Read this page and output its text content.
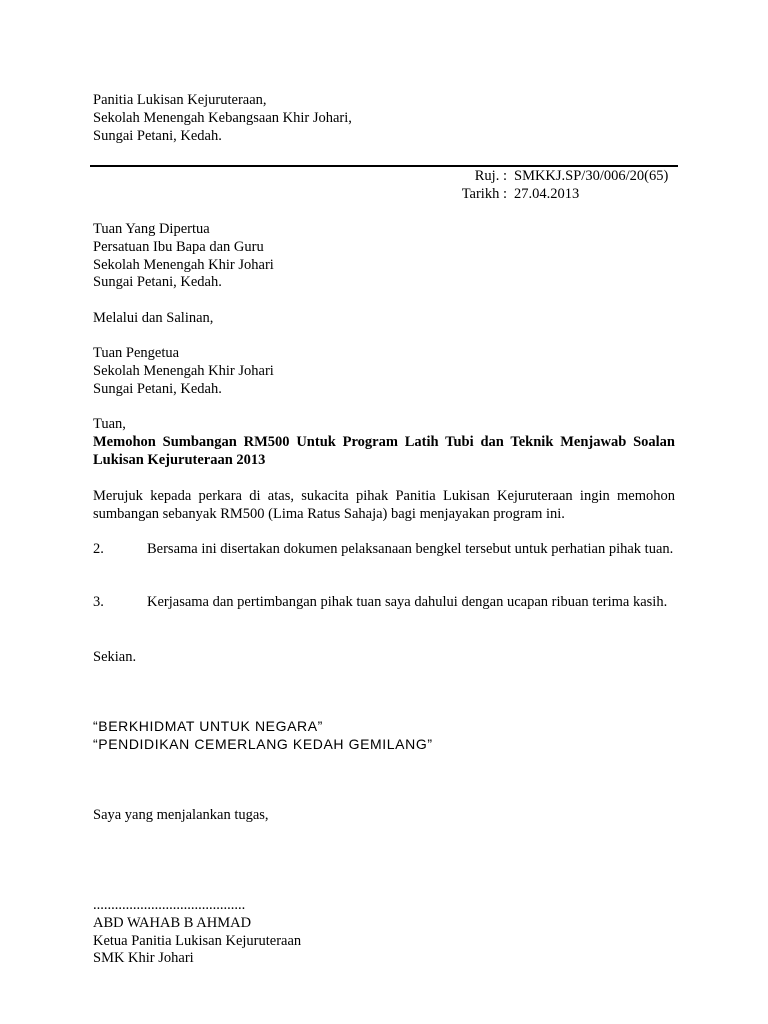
Panitia Lukisan Kejuruteraan,
Sekolah Menengah Kebangsaan Khir Johari,
Sungai Petani, Kedah.
Ruj. : SMKKJ.SP/30/006/20(65)
Tarikh : 27.04.2013
Tuan Yang Dipertua
Persatuan Ibu Bapa dan Guru
Sekolah Menengah Khir Johari
Sungai Petani, Kedah.
Melalui dan Salinan,
Tuan Pengetua
Sekolah Menengah Khir Johari
Sungai Petani, Kedah.
Tuan,
Memohon Sumbangan RM500 Untuk Program Latih Tubi dan Teknik Menjawab Soalan Lukisan Kejuruteraan 2013
Merujuk kepada perkara di atas, sukacita pihak Panitia Lukisan Kejuruteraan ingin memohon sumbangan sebanyak RM500 (Lima Ratus Sahaja) bagi menjayakan program ini.
2.	Bersama ini disertakan dokumen pelaksanaan bengkel tersebut untuk perhatian pihak tuan.
3.	Kerjasama dan pertimbangan pihak tuan saya dahului dengan ucapan ribuan terima kasih.
Sekian.
“BERKHIDMAT UNTUK NEGARA”
“PENDIDIKAN CEMERLANG KEDAH GEMILANG”
Saya yang menjalankan tugas,
..........................................
ABD WAHAB B AHMAD
Ketua Panitia Lukisan Kejuruteraan
SMK Khir Johari
